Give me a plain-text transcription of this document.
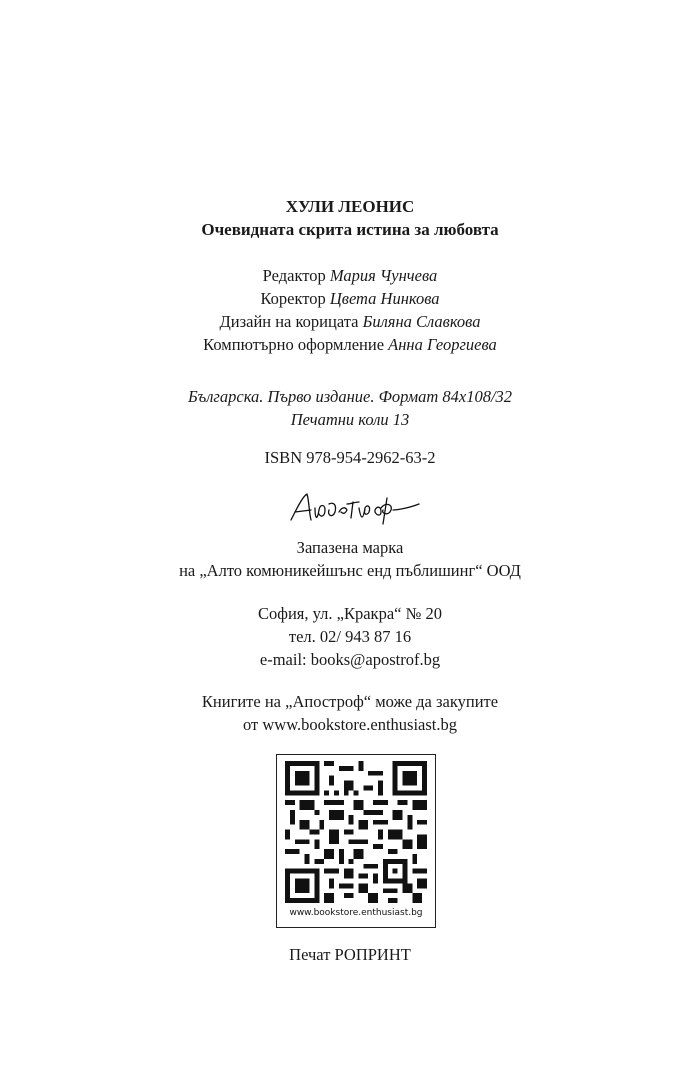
ХУЛИ ЛЕОНИС
Очевидната скрита истина за любовта
Редактор Мария Чунчева
Коректор Цвета Нинкова
Дизайн на корицата Биляна Славкова
Компютърно оформление Анна Георгиева
Българска. Първо издание. Формат 84x108/32
Печатни коли 13
ISBN 978-954-2962-63-2
Запазена марка
на „Алто комюникейшънс енд пъблишинг“ ООД
София, ул. „Кракра“ № 20
тел. 02/ 943 87 16
e-mail: books@apostrof.bg
Книгите на „Апостроф“ може да закупите
от www.bookstore.enthusiast.bg
www.bookstore.enthusiast.bg
Печат РОПРИНТ
